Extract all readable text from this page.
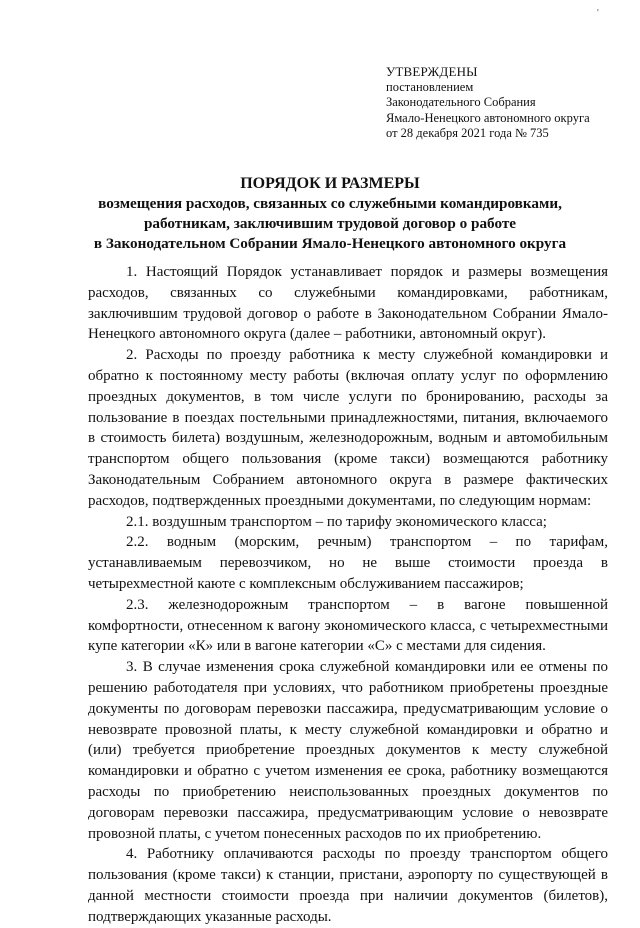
'
УТВЕРЖДЕНЫ
постановлением
Законодательного Собрания
Ямало-Ненецкого автономного округа
от 28 декабря 2021 года № 735
ПОРЯДОК И РАЗМЕРЫ
возмещения расходов, связанных со служебными командировками,
работникам, заключившим трудовой договор о работе
в Законодательном Собрании Ямало-Ненецкого автономного округа

1. Настоящий Порядок устанавливает порядок и размеры возмещения расходов, связанных со служебными командировками, работникам, заключившим трудовой договор о работе в Законодательном Собрании Ямало-Ненецкого автономного округа (далее – работники, автономный округ).

2. Расходы по проезду работника к месту служебной командировки и обратно к постоянному месту работы (включая оплату услуг по оформлению проездных документов, в том числе услуги по бронированию, расходы за пользование в поездах постельными принадлежностями, питания, включаемого в стоимость билета) воздушным, железнодорожным, водным и автомобильным транспортом общего пользования (кроме такси) возмещаются работнику Законодательным Собранием автономного округа в размере фактических расходов, подтвержденных проездными документами, по следующим нормам:

2.1. воздушным транспортом – по тарифу экономического класса;

2.2. водным (морским, речным) транспортом – по тарифам, устанавливаемым перевозчиком, но не выше стоимости проезда в четырехместной каюте с комплексным обслуживанием пассажиров;

2.3. железнодорожным транспортом – в вагоне повышенной комфортности, отнесенном к вагону экономического класса, с четырехместными купе категории «К» или в вагоне категории «С» с местами для сидения.

3. В случае изменения срока служебной командировки или ее отмены по решению работодателя при условиях, что работником приобретены проездные документы по договорам перевозки пассажира, предусматривающим условие о невозврате провозной платы, к месту служебной командировки и обратно и (или) требуется приобретение проездных документов к месту служебной командировки и обратно с учетом изменения ее срока, работнику возмещаются расходы по приобретению неиспользованных проездных документов по договорам перевозки пассажира, предусматривающим условие о невозврате провозной платы, с учетом понесенных расходов по их приобретению.

4. Работнику оплачиваются расходы по проезду транспортом общего пользования (кроме такси) к станции, пристани, аэропорту по существующей в данной местности стоимости проезда при наличии документов (билетов), подтверждающих указанные расходы.
